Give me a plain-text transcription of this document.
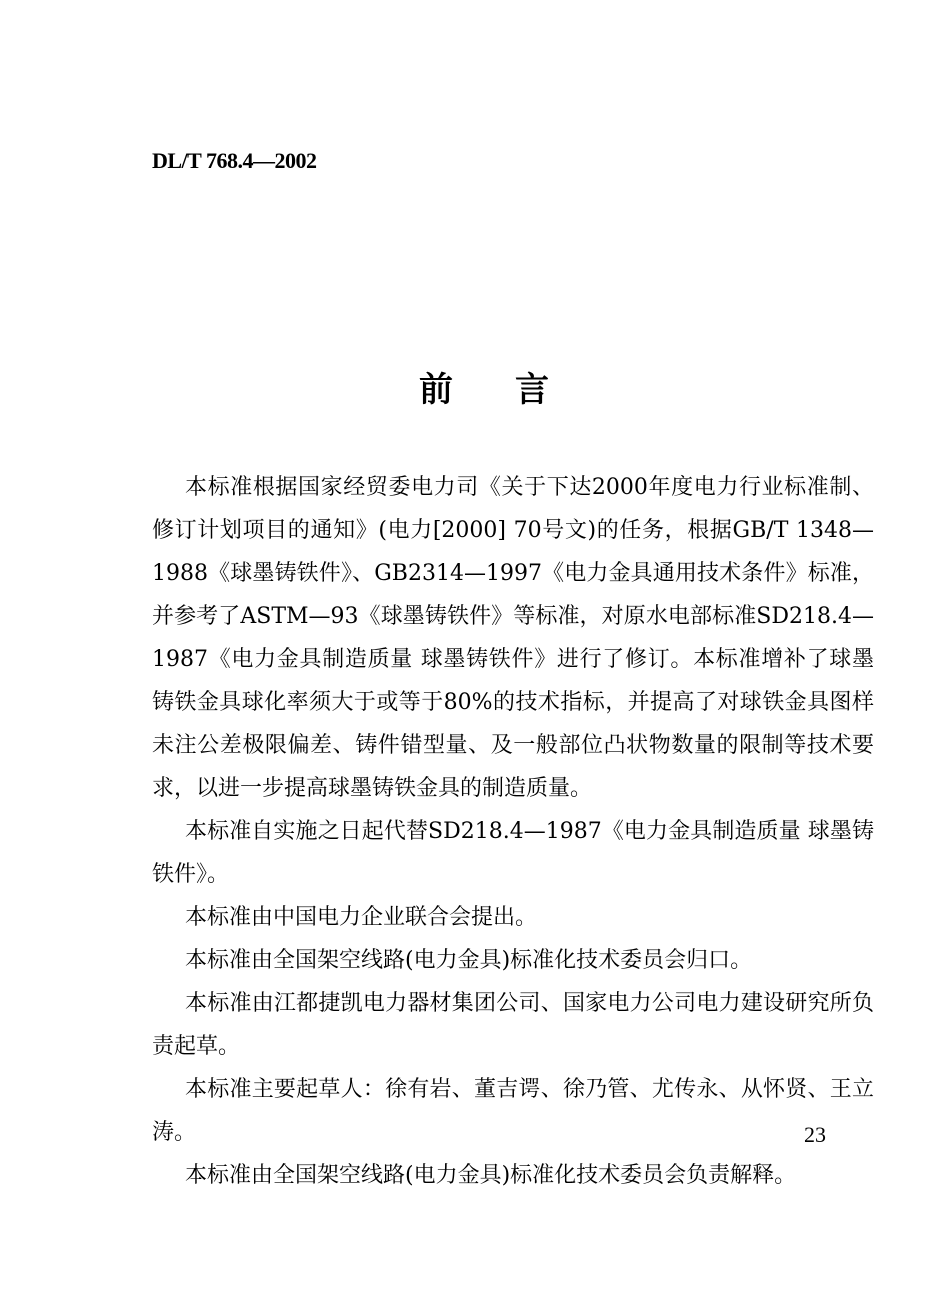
DL/T 768.4—2002
前言

本标准根据国家经贸委电力司《关于下达2000年度电力行业标准制、修订计划项目的通知》(电力[2000] 70号文)的任务，根据GB/T 1348—1988《球墨铸铁件》、GB2314—1997《电力金具通用技术条件》标准，并参考了ASTM—93《球墨铸铁件》等标准，对原水电部标准SD218.4—1987《电力金具制造质量 球墨铸铁件》进行了修订。本标准增补了球墨铸铁金具球化率须大于或等于80%的技术指标，并提高了对球铁金具图样未注公差极限偏差、铸件错型量、及一般部位凸状物数量的限制等技术要求，以进一步提高球墨铸铁金具的制造质量。

本标准自实施之日起代替SD218.4—1987《电力金具制造质量 球墨铸铁件》。

本标准由中国电力企业联合会提出。

本标准由全国架空线路(电力金具)标准化技术委员会归口。

本标准由江都捷凯电力器材集团公司、国家电力公司电力建设研究所负责起草。

本标准主要起草人：徐有岩、董吉谔、徐乃管、尤传永、从怀贤、王立涛。

本标准由全国架空线路(电力金具)标准化技术委员会负责解释。

23
